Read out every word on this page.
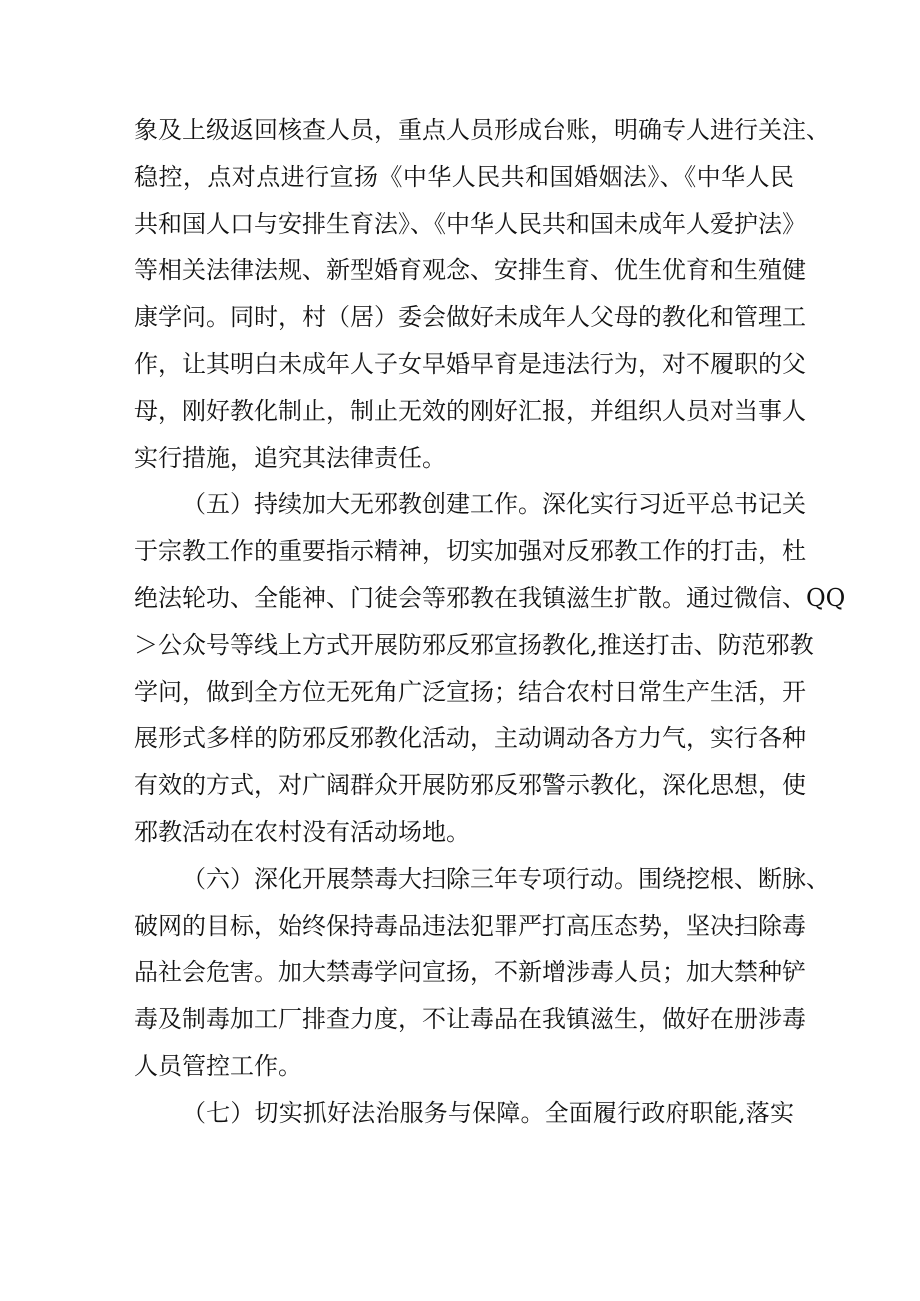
象及上级返回核查人员，重点人员形成台账，明确专人进行关注、
稳控，点对点进行宣扬《中华人民共和国婚姻法》、《中华人民
共和国人口与安排生育法》、《中华人民共和国未成年人爱护法》
等相关法律法规、新型婚育观念、安排生育、优生优育和生殖健
康学问。同时，村（居）委会做好未成年人父母的教化和管理工
作，让其明白未成年人子女早婚早育是违法行为，对不履职的父
母，刚好教化制止，制止无效的刚好汇报，并组织人员对当事人
实行措施，追究其法律责任。
（五）持续加大无邪教创建工作。深化实行习近平总书记关
于宗教工作的重要指示精神，切实加强对反邪教工作的打击，杜
绝法轮功、全能神、门徒会等邪教在我镇滋生扩散。通过微信、QQ
＞公众号等线上方式开展防邪反邪宣扬教化,推送打击、防范邪教
学问，做到全方位无死角广泛宣扬；结合农村日常生产生活，开
展形式多样的防邪反邪教化活动，主动调动各方力气，实行各种
有效的方式，对广阔群众开展防邪反邪警示教化，深化思想，使
邪教活动在农村没有活动场地。
（六）深化开展禁毒大扫除三年专项行动。围绕挖根、断脉、
破网的目标，始终保持毒品违法犯罪严打高压态势，坚决扫除毒
品社会危害。加大禁毒学问宣扬，不新增涉毒人员；加大禁种铲
毒及制毒加工厂排查力度，不让毒品在我镇滋生，做好在册涉毒
人员管控工作。
（七）切实抓好法治服务与保障。全面履行政府职能,落实
